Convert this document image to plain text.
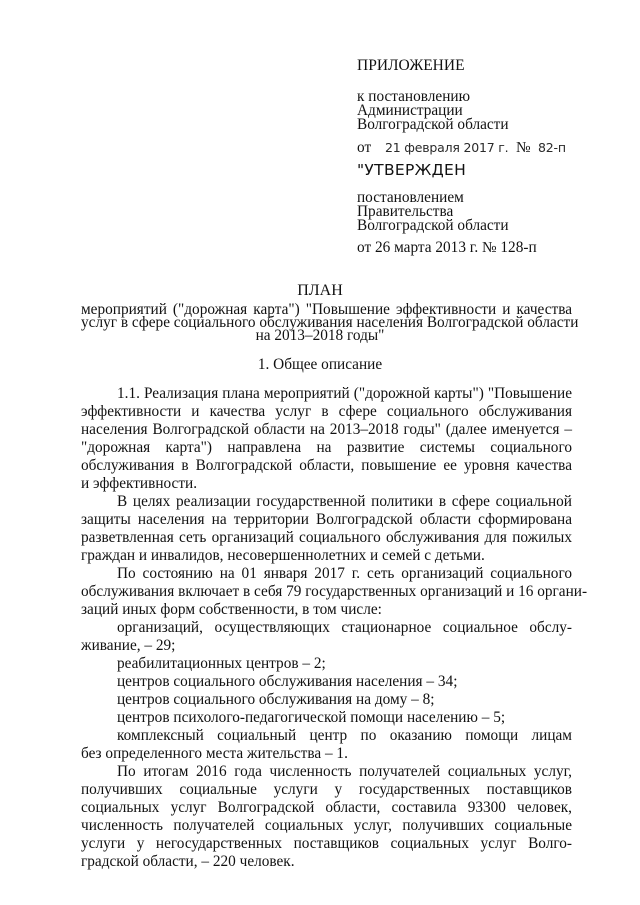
ПРИЛОЖЕНИЕ
к постановлению
Администрации
Волгоградской области
от 21 февраля 2017 г. № 82-п
"УТВЕРЖДЕН
постановлением
Правительства
Волгоградской области
от 26 марта 2013 г. № 128-п
ПЛАН
мероприятий ("дорожная карта") "Повышение эффективности и качества
услуг в сфере социального обслуживания населения Волгоградской области
на 2013–2018 годы"
1. Общее описание
1.1. Реализация плана мероприятий ("дорожной карты") "Повышение
эффективности и качества услуг в сфере социального обслуживания
населения Волгоградской области на 2013–2018 годы" (далее именуется –
"дорожная карта") направлена на развитие системы социального
обслуживания в Волгоградской области, повышение ее уровня качества
и эффективности.
В целях реализации государственной политики в сфере социальной
защиты населения на территории Волгоградской области сформирована
разветвленная сеть организаций социального обслуживания для пожилых
граждан и инвалидов, несовершеннолетних и семей с детьми.
По состоянию на 01 января 2017 г. сеть организаций социального
обслуживания включает в себя 79 государственных организаций и 16 органи-
заций иных форм собственности, в том числе:
организаций, осуществляющих стационарное социальное обслу-
живание, – 29;
реабилитационных центров – 2;
центров социального обслуживания населения – 34;
центров социального обслуживания на дому – 8;
центров психолого-педагогической помощи населению – 5;
комплексный социальный центр по оказанию помощи лицам
без определенного места жительства – 1.
По итогам 2016 года численность получателей социальных услуг,
получивших социальные услуги у государственных поставщиков
социальных услуг Волгоградской области, составила 93300 человек,
численность получателей социальных услуг, получивших социальные
услуги у негосударственных поставщиков социальных услуг Волго-
градской области, – 220 человек.
